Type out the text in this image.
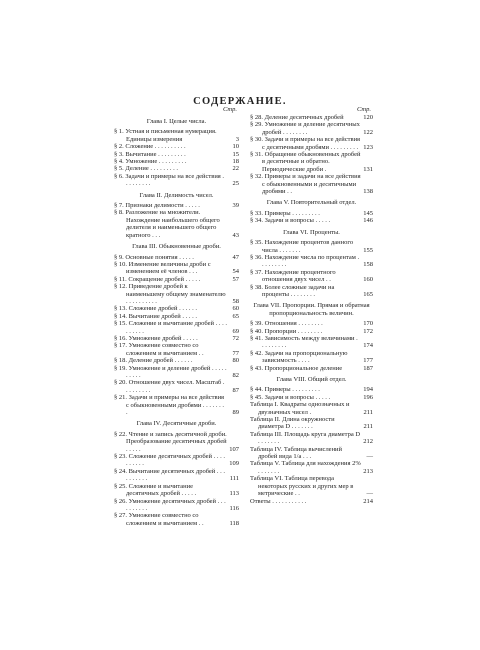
СОДЕРЖАНИЕ.
Стр.
Глава I. Целые числа.
§ 1. Устная и письменная нумерация. Единицы измерения	3
§ 2. Сложение . . . . . . . . . .	10
§ 3. Вычитание . . . . . . . . .	15
§ 4. Умножение . . . . . . . . .	18
§ 5. Деление . . . . . . . . .	22
§ 6. Задачи и примеры на все действия . . . . . . . . .	25
Глава II. Делимость чисел.
§ 7. Признаки делимости . . . . .	39
§ 8. Разложение на множители. Нахождение наибольшего общего делителя и наименьшего общего кратного . . .	43
Глава III. Обыкновенные дроби.
§ 9. Основные понятия . . . . .	47
§ 10. Изменение величины дроби с изменением её членов . . .	54
§ 11. Сокращение дробей . . . . .	57
§ 12. Приведение дробей к наименьшему общему знаменателю . . . . . . . . . .	58
§ 13. Сложение дробей . . . . . .	60
§ 14. Вычитание дробей . . . . .	65
§ 15. Сложение и вычитание дробей . . . . . . . . . .	69
§ 16. Умножение дробей . . . . .	72
§ 17. Умножение совместно со сложением и вычитанием . .	77
§ 18. Деление дробей . . . . . .	80
§ 19. Умножение и деление дробей . . . . . . . . . .	82
§ 20. Отношение двух чисел. Масштаб . . . . . . . . .	87
§ 21. Задачи и примеры на все действия с обыкновенными дробями . . . . . . . .	89
Глава IV. Десятичные дроби.
§ 22. Чтение и запись десятичной дроби. Преобразование десятичных дробей . . . . .	107
§ 23. Сложение десятичных дробей . . . . . . . . . .	109
§ 24. Вычитание десятичных дробей . . . . . . . . . .	111
§ 25. Сложение и вычитание десятичных дробей . . . . .	113
§ 26. Умножение десятичных дробей . . . . . . . . . .	116
§ 27. Умножение совместно со сложением и вычитанием . .	118
Стр.
§ 28. Деление десятичных дробей	120
§ 29. Умножение и деление десятичных дробей . . . . . . . .	122
§ 30. Задачи и примеры на все действия с десятичными дробями . . . . . . . . . 123
§ 31. Обращение обыкновенных дробей в десятичные и обратно. Периодические дроби .	131
§ 32. Примеры и задачи на все действия с обыкновенными и десятичными дробями . .	138
Глава V. Повторительный отдел.
§ 33. Примеры . . . . . . . . .	145
§ 34. Задачи и вопросы . . . . .	146
Глава VI. Проценты.
§ 35. Нахождение процентов данного числа . . . . . . .	155
§ 36. Нахождение числа по процентам . . . . . . . . .	158
§ 37. Нахождение процентного отношения двух чисел . .	160
§ 38. Более сложные задачи на проценты . . . . . . . .	165
Глава VII. Пропорции. Прямая и обратная пропорциональность величин.
§ 39. Отношения . . . . . . . .	170
§ 40. Пропорции . . . . . . . .	172
§ 41. Зависимость между величинами . . . . . . . . .	174
§ 42. Задачи на пропорциональную зависимость . . . .	177
§ 43. Пропорциональное деление	187
Глава VIII. Общий отдел.
§ 44. Примеры . . . . . . . . .	194
§ 45. Задачи и вопросы . . . . .	196
Таблица I. Квадраты однозначных и двузначных чисел .	211
Таблица II. Длина окружности диаметра D . . . . . . .	211
Таблица III. Площадь круга диаметра D . . . . . . .	212
Таблица IV. Таблица вычислений дробей вида 1/a . . .	—
Таблица V. Таблица для нахождения 2% . . . . . . .	213
Таблица VI. Таблица перевода некоторых русских и других мер в метрические . .	—
Ответы . . . . . . . . . . .	214
